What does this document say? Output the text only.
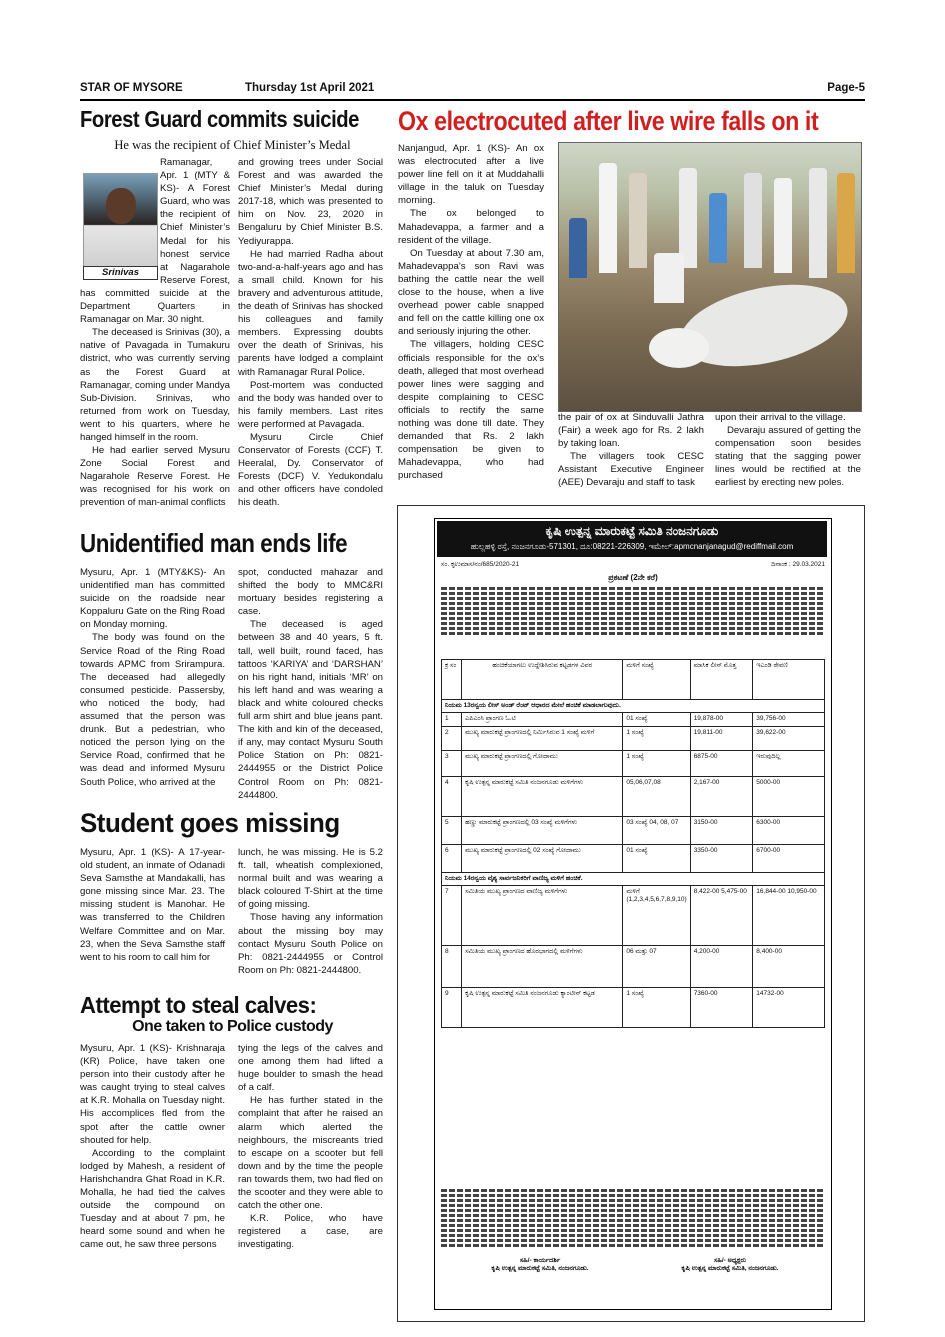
STAR OF MYSORE	Thursday 1st April 2021	Page-5
Forest Guard commits suicide
He was the recipient of Chief Minister’s Medal
Srinivas

Ramanagar, Apr. 1 (MTY & KS)- A Forest Guard, who was the recipient of Chief Minister’s Medal for his honest service at Nagarahole Reserve Forest, has committed suicide at the Department Quarters in Ramanagar on Mar. 30 night.

The deceased is Srinivas (30), a native of Pavagada in Tumakuru district, who was currently serving as the Forest Guard at Ramanagar, coming under Mandya Sub-Division. Srinivas, who returned from work on Tuesday, went to his quarters, where he hanged himself in the room.

He had earlier served Mysuru Zone Social Forest and Nagarahole Reserve Forest. He was recognised for his work on prevention of man-animal conflicts

and growing trees under Social Forest and was awarded the Chief Minister’s Medal during 2017-18, which was presented to him on Nov. 23, 2020 in Bengaluru by Chief Minister B.S. Yediyurappa.

He had married Radha about two-and-a-half-years ago and has a small child. Known for his bravery and adventurous attitude, the death of Srinivas has shocked his colleagues and family members. Expressing doubts over the death of Srinivas, his parents have lodged a complaint with Ramanagar Rural Police.

Post-mortem was conducted and the body was handed over to his family members. Last rites were performed at Pavagada.

Mysuru Circle Chief Conservator of Forests (CCF) T. Heeralal, Dy. Conservator of Forests (DCF) V. Yedukondalu and other officers have condoled his death.

Ox electrocuted after live wire falls on it

Nanjangud, Apr. 1 (KS)- An ox was electrocuted after a live power line fell on it at Muddahalli village in the taluk on Tuesday morning.

The ox belonged to Mahadevappa, a farmer and a resident of the village.

On Tuesday at about 7.30 am, Mahadevappa’s son Ravi was bathing the cattle near the well close to the house, when a live overhead power cable snapped and fell on the cattle killing one ox and seriously injuring the other.

The villagers, holding CESC officials responsible for the ox’s death, alleged that most overhead power lines were sagging and despite complaining to CESC officials to rectify the same nothing was done till date. They demanded that Rs. 2 lakh compensation be given to Mahadevappa, who had purchased

the pair of ox at Sinduvalli Jathra (Fair) a week ago for Rs. 2 lakh by taking loan.

The villagers took CESC Assistant Executive Engineer (AEE) Devaraju and staff to task

upon their arrival to the village.

Devaraju assured of getting the compensation soon besides stating that the sagging power lines would be rectified at the earliest by erecting new poles.

Unidentified man ends life

Mysuru, Apr. 1 (MTY&KS)- An unidentified man has committed suicide on the roadside near Koppaluru Gate on the Ring Road on Monday morning.

The body was found on the Service Road of the Ring Road towards APMC from Srirampura. The deceased had allegedly consumed pesticide. Passersby, who noticed the body, had assumed that the person was drunk. But a pedestrian, who noticed the person lying on the Service Road, confirmed that he was dead and informed Mysuru South Police, who arrived at the

spot, conducted mahazar and shifted the body to MMC&RI mortuary besides registering a case.

The deceased is aged between 38 and 40 years, 5 ft. tall, well built, round faced, has tattoos ‘KARIYA’ and ‘DARSHAN’ on his right hand, initials ‘MR’ on his left hand and was wearing a black and white coloured checks full arm shirt and blue jeans pant. The kith and kin of the deceased, if any, may contact Mysuru South Police Station on Ph: 0821-2444955 or the District Police Control Room on Ph: 0821-2444800.

Student goes missing

Mysuru, Apr. 1 (KS)- A 17-year-old student, an inmate of Odanadi Seva Samsthe at Mandakalli, has gone missing since Mar. 23. The missing student is Manohar. He was transferred to the Children Welfare Committee and on Mar. 23, when the Seva Samsthe staff went to his room to call him for

lunch, he was missing. He is 5.2 ft. tall, wheatish complexioned, normal built and was wearing a black coloured T-Shirt at the time of going missing.

Those having any information about the missing boy may contact Mysuru South Police on Ph: 0821-2444955 or Control Room on Ph: 0821-2444800.

Attempt to steal calves:
One taken to Police custody

Mysuru, Apr. 1 (KS)- Krishnaraja (KR) Police, have taken one person into their custody after he was caught trying to steal calves at K.R. Mohalla on Tuesday night. His accomplices fled from the spot after the cattle owner shouted for help.

According to the complaint lodged by Mahesh, a resident of Harishchandra Ghat Road in K.R. Mohalla, he had tied the calves outside the compound on Tuesday and at about 7 pm, he heard some sound and when he came out, he saw three persons

tying the legs of the calves and one among them had lifted a huge boulder to smash the head of a calf.

He has further stated in the complaint that after he raised an alarm which alerted the neighbours, the miscreants tried to escape on a scooter but fell down and by the time the people ran towards them, two had fled on the scooter and they were able to catch the other one.

K.R. Police, who have registered a case, are investigating.

ಕೃಷಿ ಉತ್ಪನ್ನ ಮಾರುಕಟ್ಟೆ ಸಮಿತಿ ನಂಜನಗೂಡು
ಹುಲ್ಲಹಳ್ಳಿ ರಸ್ತೆ, ನಂಜನಗೂಡು-571301, ದೂ:08221-226309, ಇಮೇಲ್:apmcnanjanagud@rediffmail.com
ಸಂ. ಕೃಉಮಾಸ/ನಂ/685/2020-21	ದಿನಾಂಕ : 29.03.2021
ಪ್ರಕಟಣೆ (2ನೇ ಕರೆ)
ಕ್ರ ಸಂ	ಹಂಚಿಕೆಯಾಗಲು ಉದ್ದೇಶಿಸಿರುವ ಕಟ್ಟಡಗಳ ವಿವರ	ಮಳಿಗೆ ಸಂಖ್ಯೆ	ಮಾಸಿಕ ಲೀಸ್ ಮೊತ್ತ	ಇಎಂಡಿ ಠೇವಣಿ
ನಿಯಮ 13ರನ್ವಯ ಲೀಸ್ ಅಂಡ್ ರೆಂಟ್ ಆಧಾರದ ಮೇಲೆ ಹಂಚಿಕೆ ಮಾಡಲಾಗುವುದು.				
1	ಎಪಿಎಂಸಿ ಪ್ರಾಂಗಣ ಓ.ಟಿ	01 ಸಂಖ್ಯೆ	19,878-00	39,756-00
2	ಮುಖ್ಯ ಮಾರುಕಟ್ಟೆ ಪ್ರಾಂಗಣದಲ್ಲಿ ನಿರ್ಮಿಸಿರುವ 1 ಸಂಖ್ಯೆ ಮಳಿಗೆ	1 ಸಂಖ್ಯೆ	19,811-00	39,622-00
3	ಮುಖ್ಯ ಮಾರುಕಟ್ಟೆ ಪ್ರಾಂಗಣದಲ್ಲಿ ಗೋದಾಮು	1 ಸಂಖ್ಯೆ	6875-00	ಇರುವುದಿಲ್ಲ
4	ಕೃಷಿ ಉತ್ಪನ್ನ ಮಾರುಕಟ್ಟೆ ಸಮಿತಿ ನಂಜನಗೂಡು ಮಳಿಗೆಗಳು	05,06,07,08	2,167-00	5000-00
5	ಹಣ್ಣು ಮಾರುಕಟ್ಟೆ ಪ್ರಾಂಗಣದಲ್ಲಿ 03 ಸಂಖ್ಯೆ ಮಳಿಗೆಗಳು	03 ಸಂಖ್ಯೆ 04, 08, 07	3150-00	6300-00
6	ಮುಖ್ಯ ಮಾರುಕಟ್ಟೆ ಪ್ರಾಂಗಣದಲ್ಲಿ 02 ಸಂಖ್ಯೆ ಗೋದಾಮು	01 ಸಂಖ್ಯೆ	3350-00	6700-00
ನಿಯಮ 14ರನ್ವಯ ವೈಶ್ಯ ಸಾರ್ವಜನಿಕರಿಗೆ ವಾಣಿಜ್ಯ ಮಳಿಗೆ ಹಂಚಿಕೆ.				
7	ಸಮಿತಿಯ ಮುಖ್ಯ ಪ್ರಾಂಗಣದ ವಾಣಿಜ್ಯ ಮಳಿಗೆಗಳು	ಮಳಿಗೆ (1,2,3,4,5,6,7,8,9,10)	8,422-00 5,475-00	16,844-00 10,950-00
8	ಸಮಿತಿಯ ಮುಖ್ಯ ಪ್ರಾಂಗಣದ ಹೊರಭಾಗದಲ್ಲಿ ಮಳಿಗೆಗಳು	06 ಮತ್ತು 07	4,200-00	8,400-00
9	ಕೃಷಿ ಉತ್ಪನ್ನ ಮಾರುಕಟ್ಟೆ ಸಮಿತಿ ನಂಜನಗೂಡು ಕ್ಯಾಂಟೀನ್ ಕಟ್ಟಡ	1 ಸಂಖ್ಯೆ	7360-00	14732-00
ಸಹಿ/- ಕಾರ್ಯದರ್ಶಿ
ಕೃಷಿ ಉತ್ಪನ್ನ ಮಾರುಕಟ್ಟೆ ಸಮಿತಿ, ನಂಜನಗೂಡು.
ಸಹಿ/- ಅಧ್ಯಕ್ಷರು
ಕೃಷಿ ಉತ್ಪನ್ನ ಮಾರುಕಟ್ಟೆ ಸಮಿತಿ, ನಂಜನಗೂಡು.
